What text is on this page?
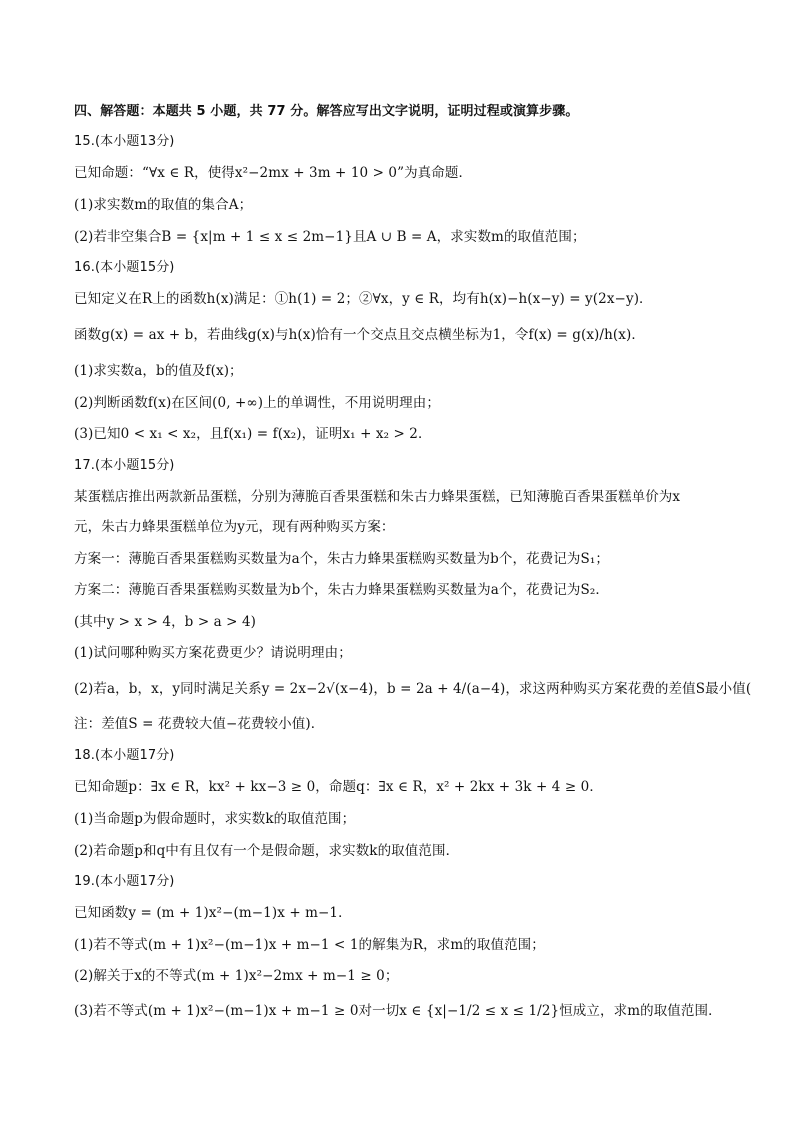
四、解答题：本题共 5 小题，共 77 分。解答应写出文字说明，证明过程或演算步骤。
15.(本小题13分)
已知命题：“∀x ∈ R，使得x²−2mx + 3m + 10 > 0”为真命题．
(1)求实数m的取值的集合A；
(2)若非空集合B = {x|m + 1 ≤ x ≤ 2m−1}且A ∪ B = A，求实数m的取值范围；
16.(本小题15分)
已知定义在R上的函数h(x)满足：①h(1) = 2；②∀x，y ∈ R，均有h(x)−h(x−y) = y(2x−y)．
函数g(x) = ax + b，若曲线g(x)与h(x)恰有一个交点且交点横坐标为1，令f(x) = g(x)/h(x)．
(1)求实数a，b的值及f(x)；
(2)判断函数f(x)在区间(0, +∞)上的单调性，不用说明理由；
(3)已知0 < x₁ < x₂，且f(x₁) = f(x₂)，证明x₁ + x₂ > 2．
17.(本小题15分)
某蛋糕店推出两款新品蛋糕，分别为薄脆百香果蛋糕和朱古力蜂果蛋糕，已知薄脆百香果蛋糕单价为x
元，朱古力蜂果蛋糕单位为y元，现有两种购买方案：
方案一：薄脆百香果蛋糕购买数量为a个，朱古力蜂果蛋糕购买数量为b个，花费记为S₁；
方案二：薄脆百香果蛋糕购买数量为b个，朱古力蜂果蛋糕购买数量为a个，花费记为S₂．
(其中y > x > 4，b > a > 4)
(1)试问哪种购买方案花费更少？请说明理由；
(2)若a，b，x，y同时满足关系y = 2x−2√(x−4)，b = 2a + 4/(a−4)，求这两种购买方案花费的差值S最小值(
注：差值S = 花费较大值−花费较小值)．
18.(本小题17分)
已知命题p：∃x ∈ R，kx² + kx−3 ≥ 0，命题q：∃x ∈ R，x² + 2kx + 3k + 4 ≥ 0．
(1)当命题p为假命题时，求实数k的取值范围；
(2)若命题p和q中有且仅有一个是假命题，求实数k的取值范围．
19.(本小题17分)
已知函数y = (m + 1)x²−(m−1)x + m−1．
(1)若不等式(m + 1)x²−(m−1)x + m−1 < 1的解集为R，求m的取值范围；
(2)解关于x的不等式(m + 1)x²−2mx + m−1 ≥ 0；
(3)若不等式(m + 1)x²−(m−1)x + m−1 ≥ 0对一切x ∈ {x|−1/2 ≤ x ≤ 1/2}恒成立，求m的取值范围．
